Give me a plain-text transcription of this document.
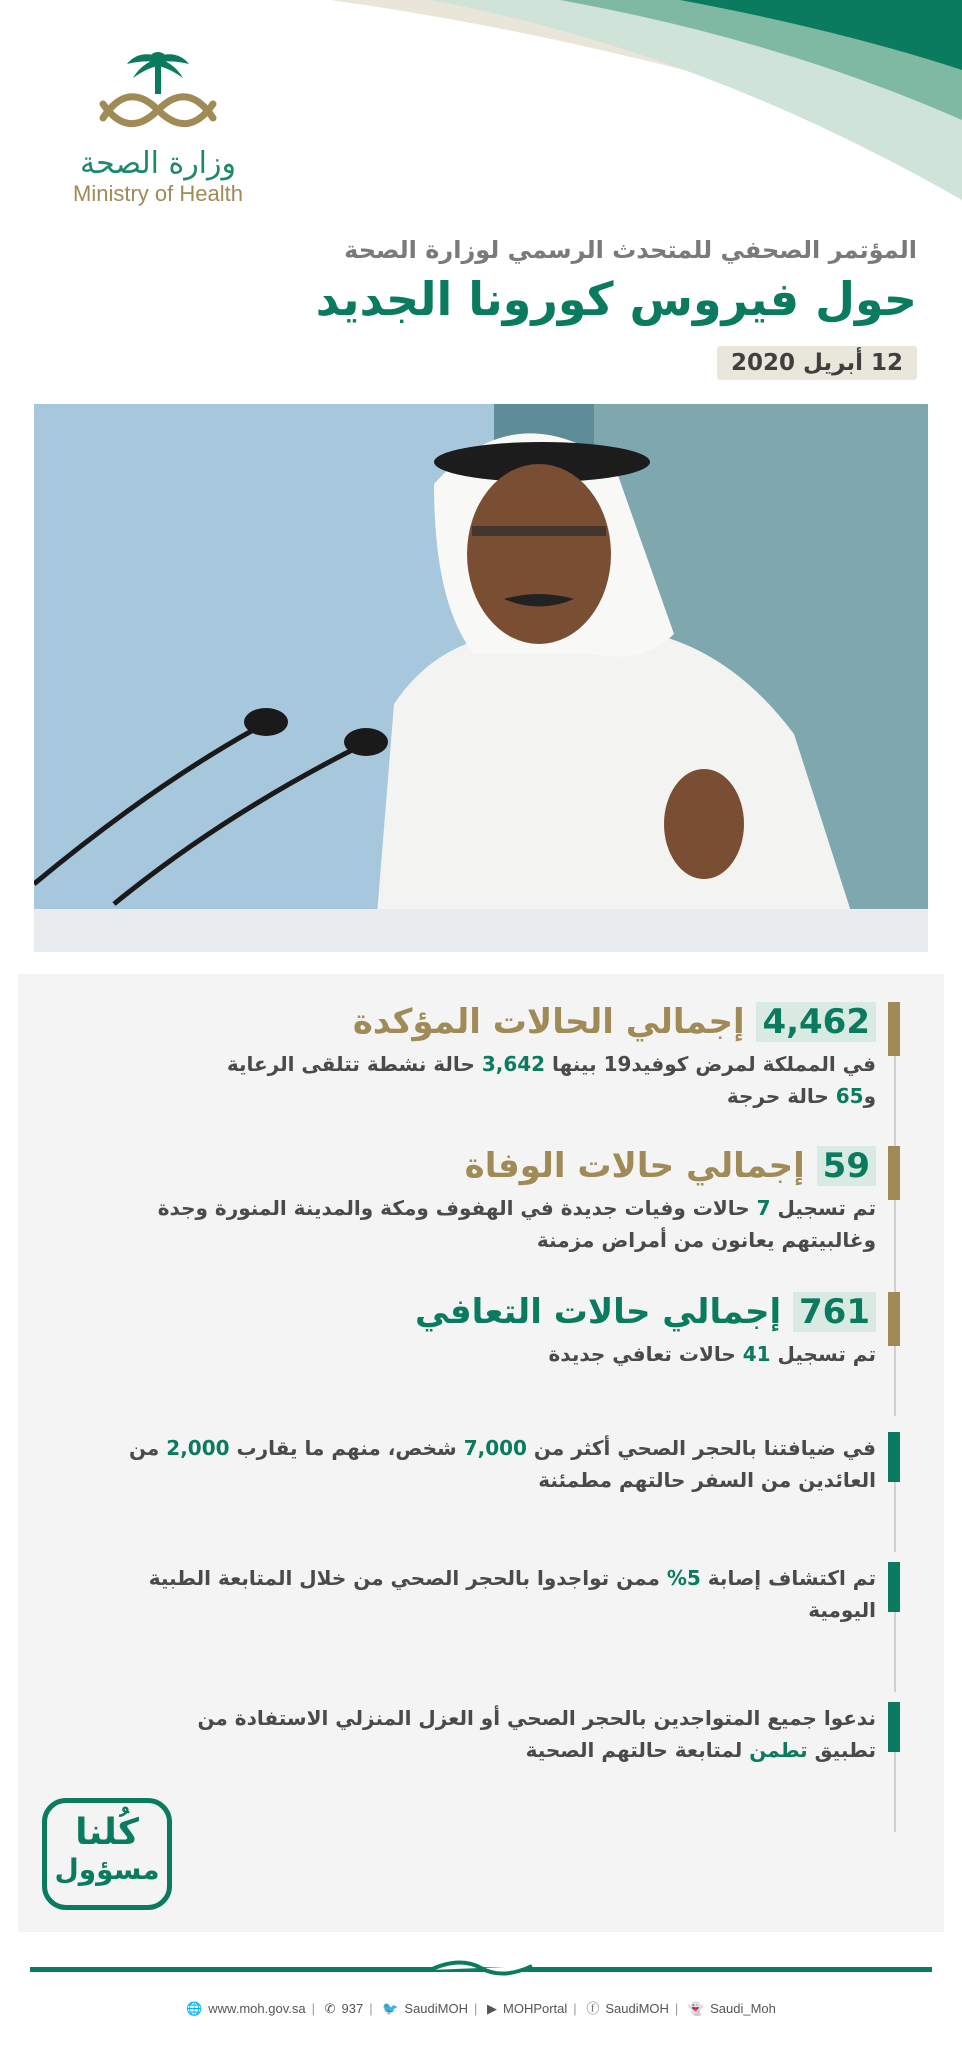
وزارة الصحة
Ministry of Health
المؤتمر الصحفي للمتحدث الرسمي لوزارة الصحة
حول فيروس كورونا الجديد
12 أبريل 2020
4,462 إجمالي الحالات المؤكدة
في المملكة لمرض كوفيد19 بينها 3,642 حالة نشطة تتلقى الرعاية
و65 حالة حرجة
59 إجمالي حالات الوفاة
تم تسجيل 7 حالات وفيات جديدة في الهفوف ومكة والمدينة المنورة وجدة
وغالبيتهم يعانون من أمراض مزمنة
761 إجمالي حالات التعافي
تم تسجيل 41 حالات تعافي جديدة
في ضيافتنا بالحجر الصحي أكثر من 7,000 شخص، منهم ما يقارب 2,000 من
العائدين من السفر حالتهم مطمئنة
تم اكتشاف إصابة 5% ممن تواجدوا بالحجر الصحي من خلال المتابعة الطبية
اليومية
ندعوا جميع المتواجدين بالحجر الصحي أو العزل المنزلي الاستفادة من
تطبيق تطمن لمتابعة حالتهم الصحية
كُلنا
مسؤول
🌐 www.moh.gov.sa | ✆ 937 | 🐦 SaudiMOH | ▶ MOHPortal | ⓕ SaudiMOH | 👻 Saudi_Moh
